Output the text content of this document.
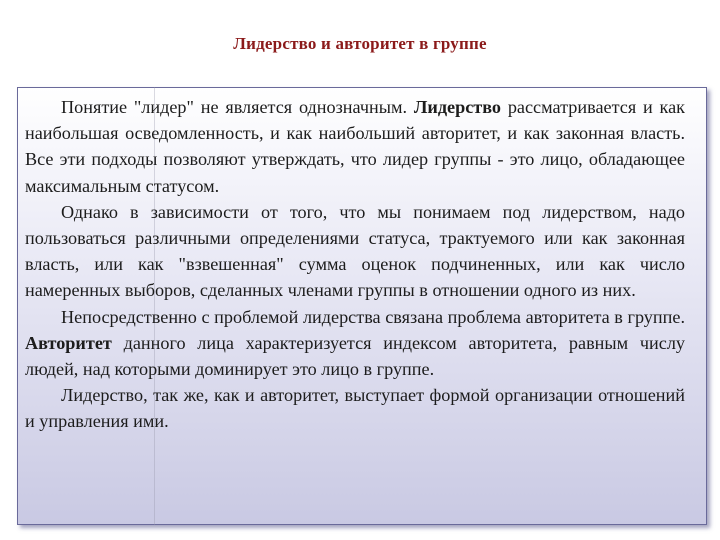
Лидерство и авторитет в группе

Понятие "лидер" не является однозначным. Лидерство рассматривается и как наибольшая осведомленность, и как наибольший авторитет, и как законная власть. Все эти подходы позволяют утверждать, что лидер группы - это лицо, обладающее максимальным статусом.

Однако в зависимости от того, что мы понимаем под лидерством, надо пользоваться различными определениями статуса, трактуемого или как законная власть, или как "взвешенная" сумма оценок подчиненных, или как число намеренных выборов, сделанных членами группы в отношении одного из них.

Непосредственно с проблемой лидерства связана проблема авторитета в группе. Авторитет данного лица характеризуется индексом авторитета, равным числу людей, над которыми доминирует это лицо в группе.

Лидерство, так же, как и авторитет, выступает формой организации отношений и управления ими.
